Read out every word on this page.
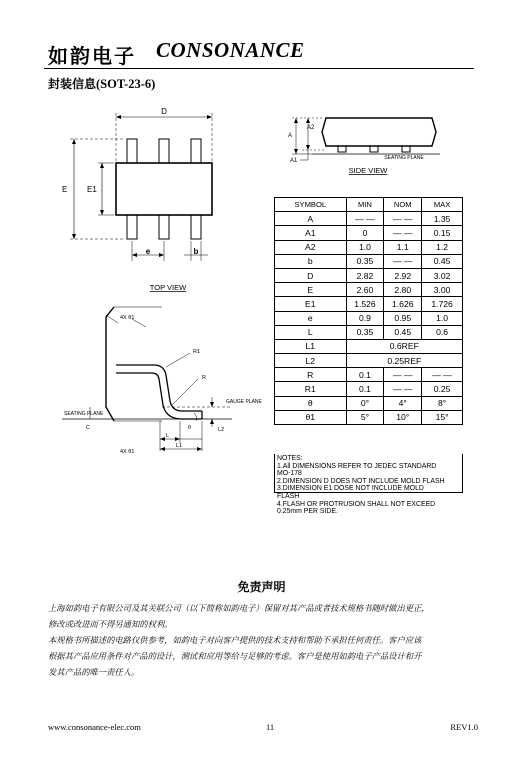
如韵电子 CONSONANCE
封装信息(SOT-23-6)
D
E E1
e	b
TOP VIEW
A
A2
A1	SEATING PLANE
SIDE VIEW
4X θ1
R1
R
GAUGE PLANE
SEATING PLANE
C
L
L1
L2
θ
4X θ1
SYMBOL	MIN	NOM	MAX
A	— —	— —	1.35
A1	0	— —	0.15
A2	1.0	1.1	1.2
b	0.35	— —	0.45
D	2.82	2.92	3.02
E	2.60	2.80	3.00
E1	1.526	1.626	1.726
e	0.9	0.95	1.0
L	0.35	0.45	0.6
L1	0.6REF		
L2	0.25REF		
R	0.1	— —	— —
R1	0.1	— —	0.25
θ	0°	4°	8°
θ1	5°	10°	15°
NOTES:
1.All DIMENSIONS REFER TO JEDEC STANDARD
MO-178
2.DIMENSION D DOES NOT INCLUDE MOLD FLASH
3.DIMENSION E1 DOSE NOT INCLUDE MOLD
FLASH
4.FLASH OR PROTRUSION SHALL NOT EXCEED
0.25mm PER SIDE.
免责声明

上海如韵电子有限公司及其关联公司（以下简称如韵电子）保留对其产品或者技术规格书随时做出更正，

修改或改进而不得另通知的权利。

本规格书所描述的电路仅供参考，如韵电子对向客户提供的技术支持和帮助不承担任何责任。客户应该

根据其产品应用条件对产品的设计，测试和应用等给与足够的考虑。客户是使用如韵电子产品设计和开

发其产品的唯一责任人。

www.consonance-elec.com	11	REV1.0
